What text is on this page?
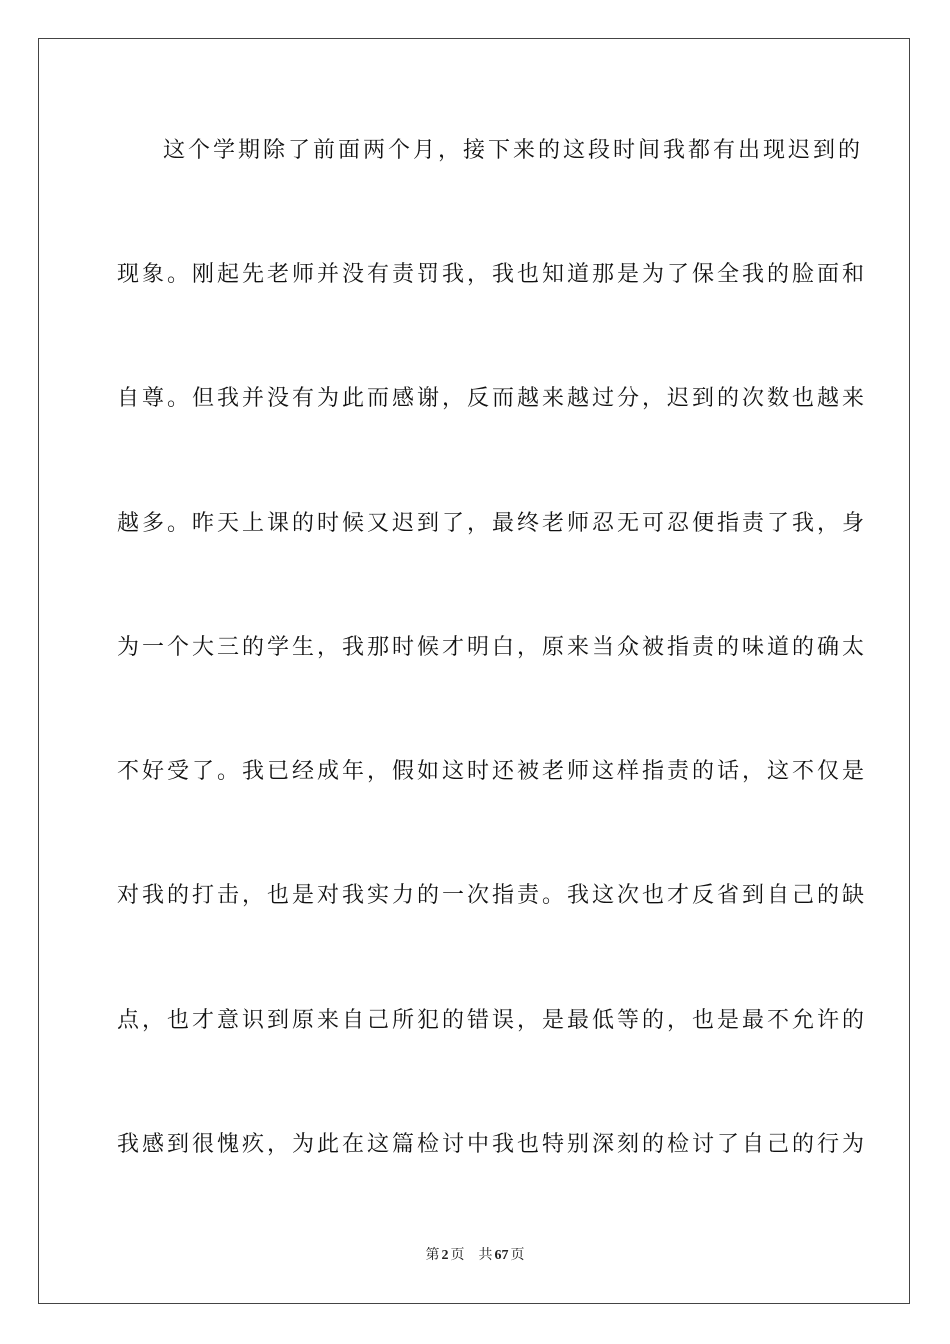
这个学期除了前面两个月，接下来的这段时间我都有出现迟到的
现象。刚起先老师并没有责罚我，我也知道那是为了保全我的脸面和
自尊。但我并没有为此而感谢，反而越来越过分，迟到的次数也越来
越多。昨天上课的时候又迟到了，最终老师忍无可忍便指责了我，身
为一个大三的学生，我那时候才明白，原来当众被指责的味道的确太
不好受了。我已经成年，假如这时还被老师这样指责的话，这不仅是
对我的打击，也是对我实力的一次指责。我这次也才反省到自己的缺
点，也才意识到原来自己所犯的错误，是最低等的，也是最不允许的
我感到很愧疚，为此在这篇检讨中我也特别深刻的检讨了自己的行为
第 2 页 共 67 页
